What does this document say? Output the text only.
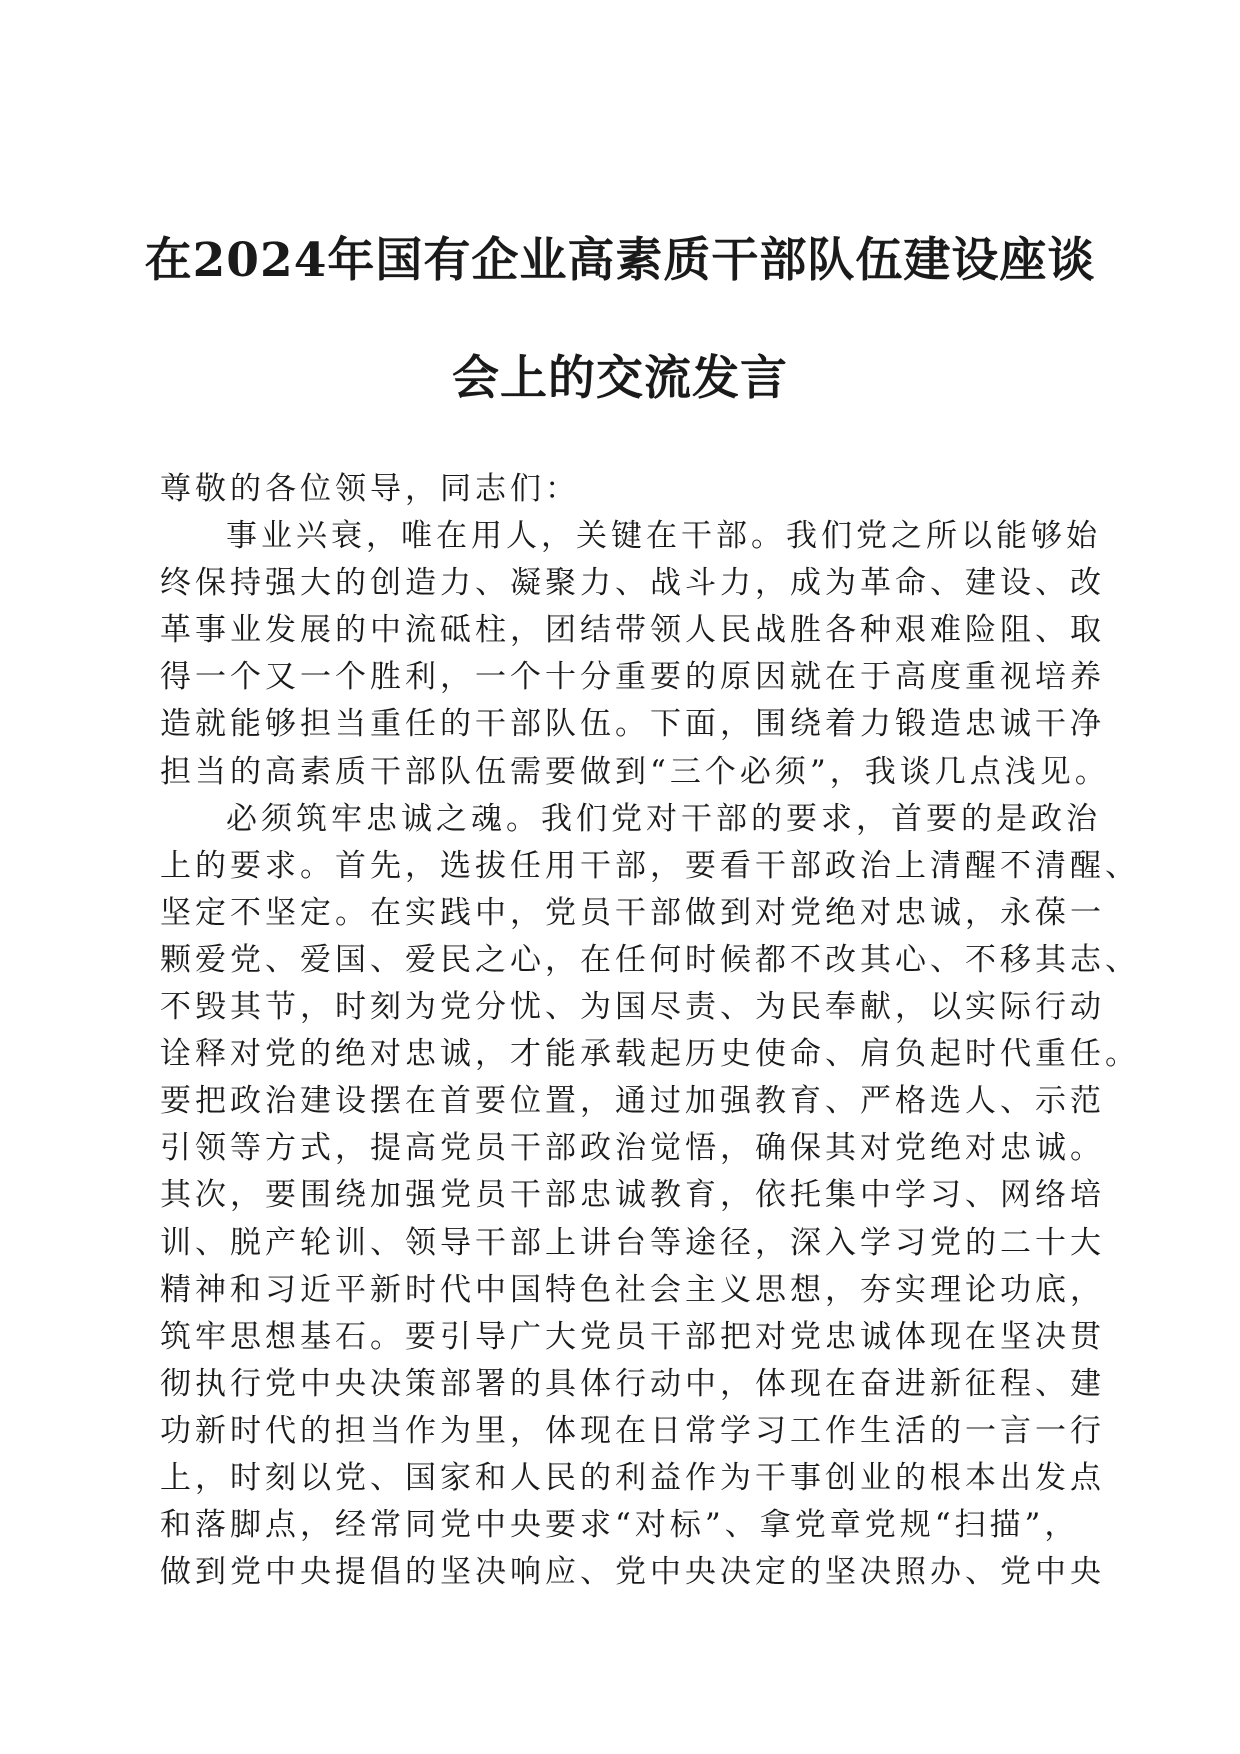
在2024年国有企业高素质干部队伍建设座谈
会上的交流发言
尊敬的各位领导，同志们：
事业兴衰，唯在用人，关键在干部。我们党之所以能够始
终保持强大的创造力、凝聚力、战斗力，成为革命、建设、改
革事业发展的中流砥柱，团结带领人民战胜各种艰难险阻、取
得一个又一个胜利，一个十分重要的原因就在于高度重视培养
造就能够担当重任的干部队伍。下面，围绕着力锻造忠诚干净
担当的高素质干部队伍需要做到“三个必须”，我谈几点浅见。
必须筑牢忠诚之魂。我们党对干部的要求，首要的是政治
上的要求。首先，选拔任用干部，要看干部政治上清醒不清醒、
坚定不坚定。在实践中，党员干部做到对党绝对忠诚，永葆一
颗爱党、爱国、爱民之心，在任何时候都不改其心、不移其志、
不毁其节，时刻为党分忧、为国尽责、为民奉献，以实际行动
诠释对党的绝对忠诚，才能承载起历史使命、肩负起时代重任。
要把政治建设摆在首要位置，通过加强教育、严格选人、示范
引领等方式，提高党员干部政治觉悟，确保其对党绝对忠诚。
其次，要围绕加强党员干部忠诚教育，依托集中学习、网络培
训、脱产轮训、领导干部上讲台等途径，深入学习党的二十大
精神和习近平新时代中国特色社会主义思想，夯实理论功底，
筑牢思想基石。要引导广大党员干部把对党忠诚体现在坚决贯
彻执行党中央决策部署的具体行动中，体现在奋进新征程、建
功新时代的担当作为里，体现在日常学习工作生活的一言一行
上，时刻以党、国家和人民的利益作为干事创业的根本出发点
和落脚点，经常同党中央要求“对标”、拿党章党规“扫描”，
做到党中央提倡的坚决响应、党中央决定的坚决照办、党中央
